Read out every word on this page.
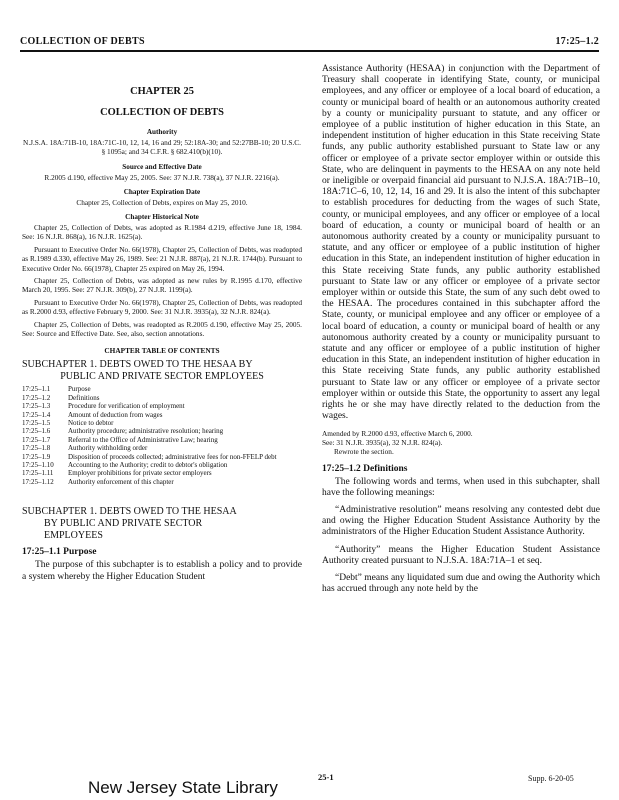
COLLECTION OF DEBTS	17:25–1.2
CHAPTER 25
COLLECTION OF DEBTS
Authority
N.J.S.A. 18A:71B-10, 18A:71C-10, 12, 14, 16 and 29; 52:18A-30; and 52:27BB-10; 20 U.S.C. § 1095a; and 34 C.F.R. § 682.410(b)(10).
Source and Effective Date
R.2005 d.190, effective May 25, 2005. See: 37 N.J.R. 738(a), 37 N.J.R. 2216(a).
Chapter Expiration Date
Chapter 25, Collection of Debts, expires on May 25, 2010.
Chapter Historical Note
Chapter 25, Collection of Debts, was adopted as R.1984 d.219, effective June 18, 1984. See: 16 N.J.R. 868(a), 16 N.J.R. 1625(a).
Pursuant to Executive Order No. 66(1978), Chapter 25, Collection of Debts, was readopted as R.1989 d.330, effective May 26, 1989. See: 21 N.J.R. 887(a), 21 N.J.R. 1744(b). Pursuant to Executive Order No. 66(1978), Chapter 25 expired on May 26, 1994.
Chapter 25, Collection of Debts, was adopted as new rules by R.1995 d.170, effective March 20, 1995. See: 27 N.J.R. 309(b), 27 N.J.R. 1199(a).
Pursuant to Executive Order No. 66(1978), Chapter 25, Collection of Debts, was readopted as R.2000 d.93, effective February 9, 2000. See: 31 N.J.R. 3935(a), 32 N.J.R. 824(a).
Chapter 25, Collection of Debts, was readopted as R.2005 d.190, effective May 25, 2005. See: Source and Effective Date. See, also, section annotations.
CHAPTER TABLE OF CONTENTS
SUBCHAPTER 1. DEBTS OWED TO THE HESAA BY
PUBLIC AND PRIVATE SECTOR EMPLOYEES
17:25–1.1	Purpose
17:25–1.2	Definitions
17:25–1.3	Procedure for verification of employment
17:25–1.4	Amount of deduction from wages
17:25–1.5	Notice to debtor
17:25–1.6	Authority procedure; administrative resolution; hearing
17:25–1.7	Referral to the Office of Administrative Law; hearing
17:25–1.8	Authority withholding order
17:25–1.9	Disposition of proceeds collected; administrative fees for non-FFELP debt
17:25–1.10	Accounting to the Authority; credit to debtor's obligation
17:25–1.11	Employer prohibitions for private sector employers
17:25–1.12	Authority enforcement of this chapter
SUBCHAPTER 1. DEBTS OWED TO THE HESAA
BY PUBLIC AND PRIVATE SECTOR
EMPLOYEES
17:25–1.1 Purpose
The purpose of this subchapter is to establish a policy and to provide a system whereby the Higher Education Student
Assistance Authority (HESAA) in conjunction with the Department of Treasury shall cooperate in identifying State, county, or municipal employees, and any officer or employee of a local board of education, a county or municipal board of health or an autonomous authority created by a county or municipality pursuant to statute, and any officer or employee of a public institution of higher education in this State, an independent institution of higher education in this State receiving State funds, any public authority established pursuant to State law or any officer or employee of a private sector employer within or outside this State, who are delinquent in payments to the HESAA on any note held or ineligible or overpaid financial aid pursuant to N.J.S.A. 18A:71B–10, 18A:71C–6, 10, 12, 14, 16 and 29. It is also the intent of this subchapter to establish procedures for deducting from the wages of such State, county, or municipal employees, and any officer or employee of a local board of education, a county or municipal board of health or an autonomous authority created by a county or municipality pursuant to statute, and any officer or employee of a public institution of higher education in this State, an independent institution of higher education in this State receiving State funds, any public authority established pursuant to State law or any officer or employee of a private sector employer within or outside this State, the sum of any such debt owed to the HESAA. The procedures contained in this subchapter afford the State, county, or municipal employee and any officer or employee of a local board of education, a county or municipal board of health or any autonomous authority created by a county or municipality pursuant to statute and any officer or employee of a public institution of higher education in this State, an independent institution of higher education in this State receiving State funds, any public authority established pursuant to State law or any officer or employee of a private sector employer within or outside this State, the opportunity to assert any legal rights he or she may have directly related to the deduction from the wages.
Amended by R.2000 d.93, effective March 6, 2000.
See: 31 N.J.R. 3935(a), 32 N.J.R. 824(a).
Rewrote the section.
17:25–1.2 Definitions
The following words and terms, when used in this subchapter, shall have the following meanings:
“Administrative resolution” means resolving any contested debt due and owing the Higher Education Student Assistance Authority by the administrators of the Higher Education Student Assistance Authority.
“Authority” means the Higher Education Student Assistance Authority created pursuant to N.J.S.A. 18A:71A–1 et seq.
“Debt” means any liquidated sum due and owing the Authority which has accrued through any note held by the
New Jersey State Library
25-1	Supp. 6-20-05
